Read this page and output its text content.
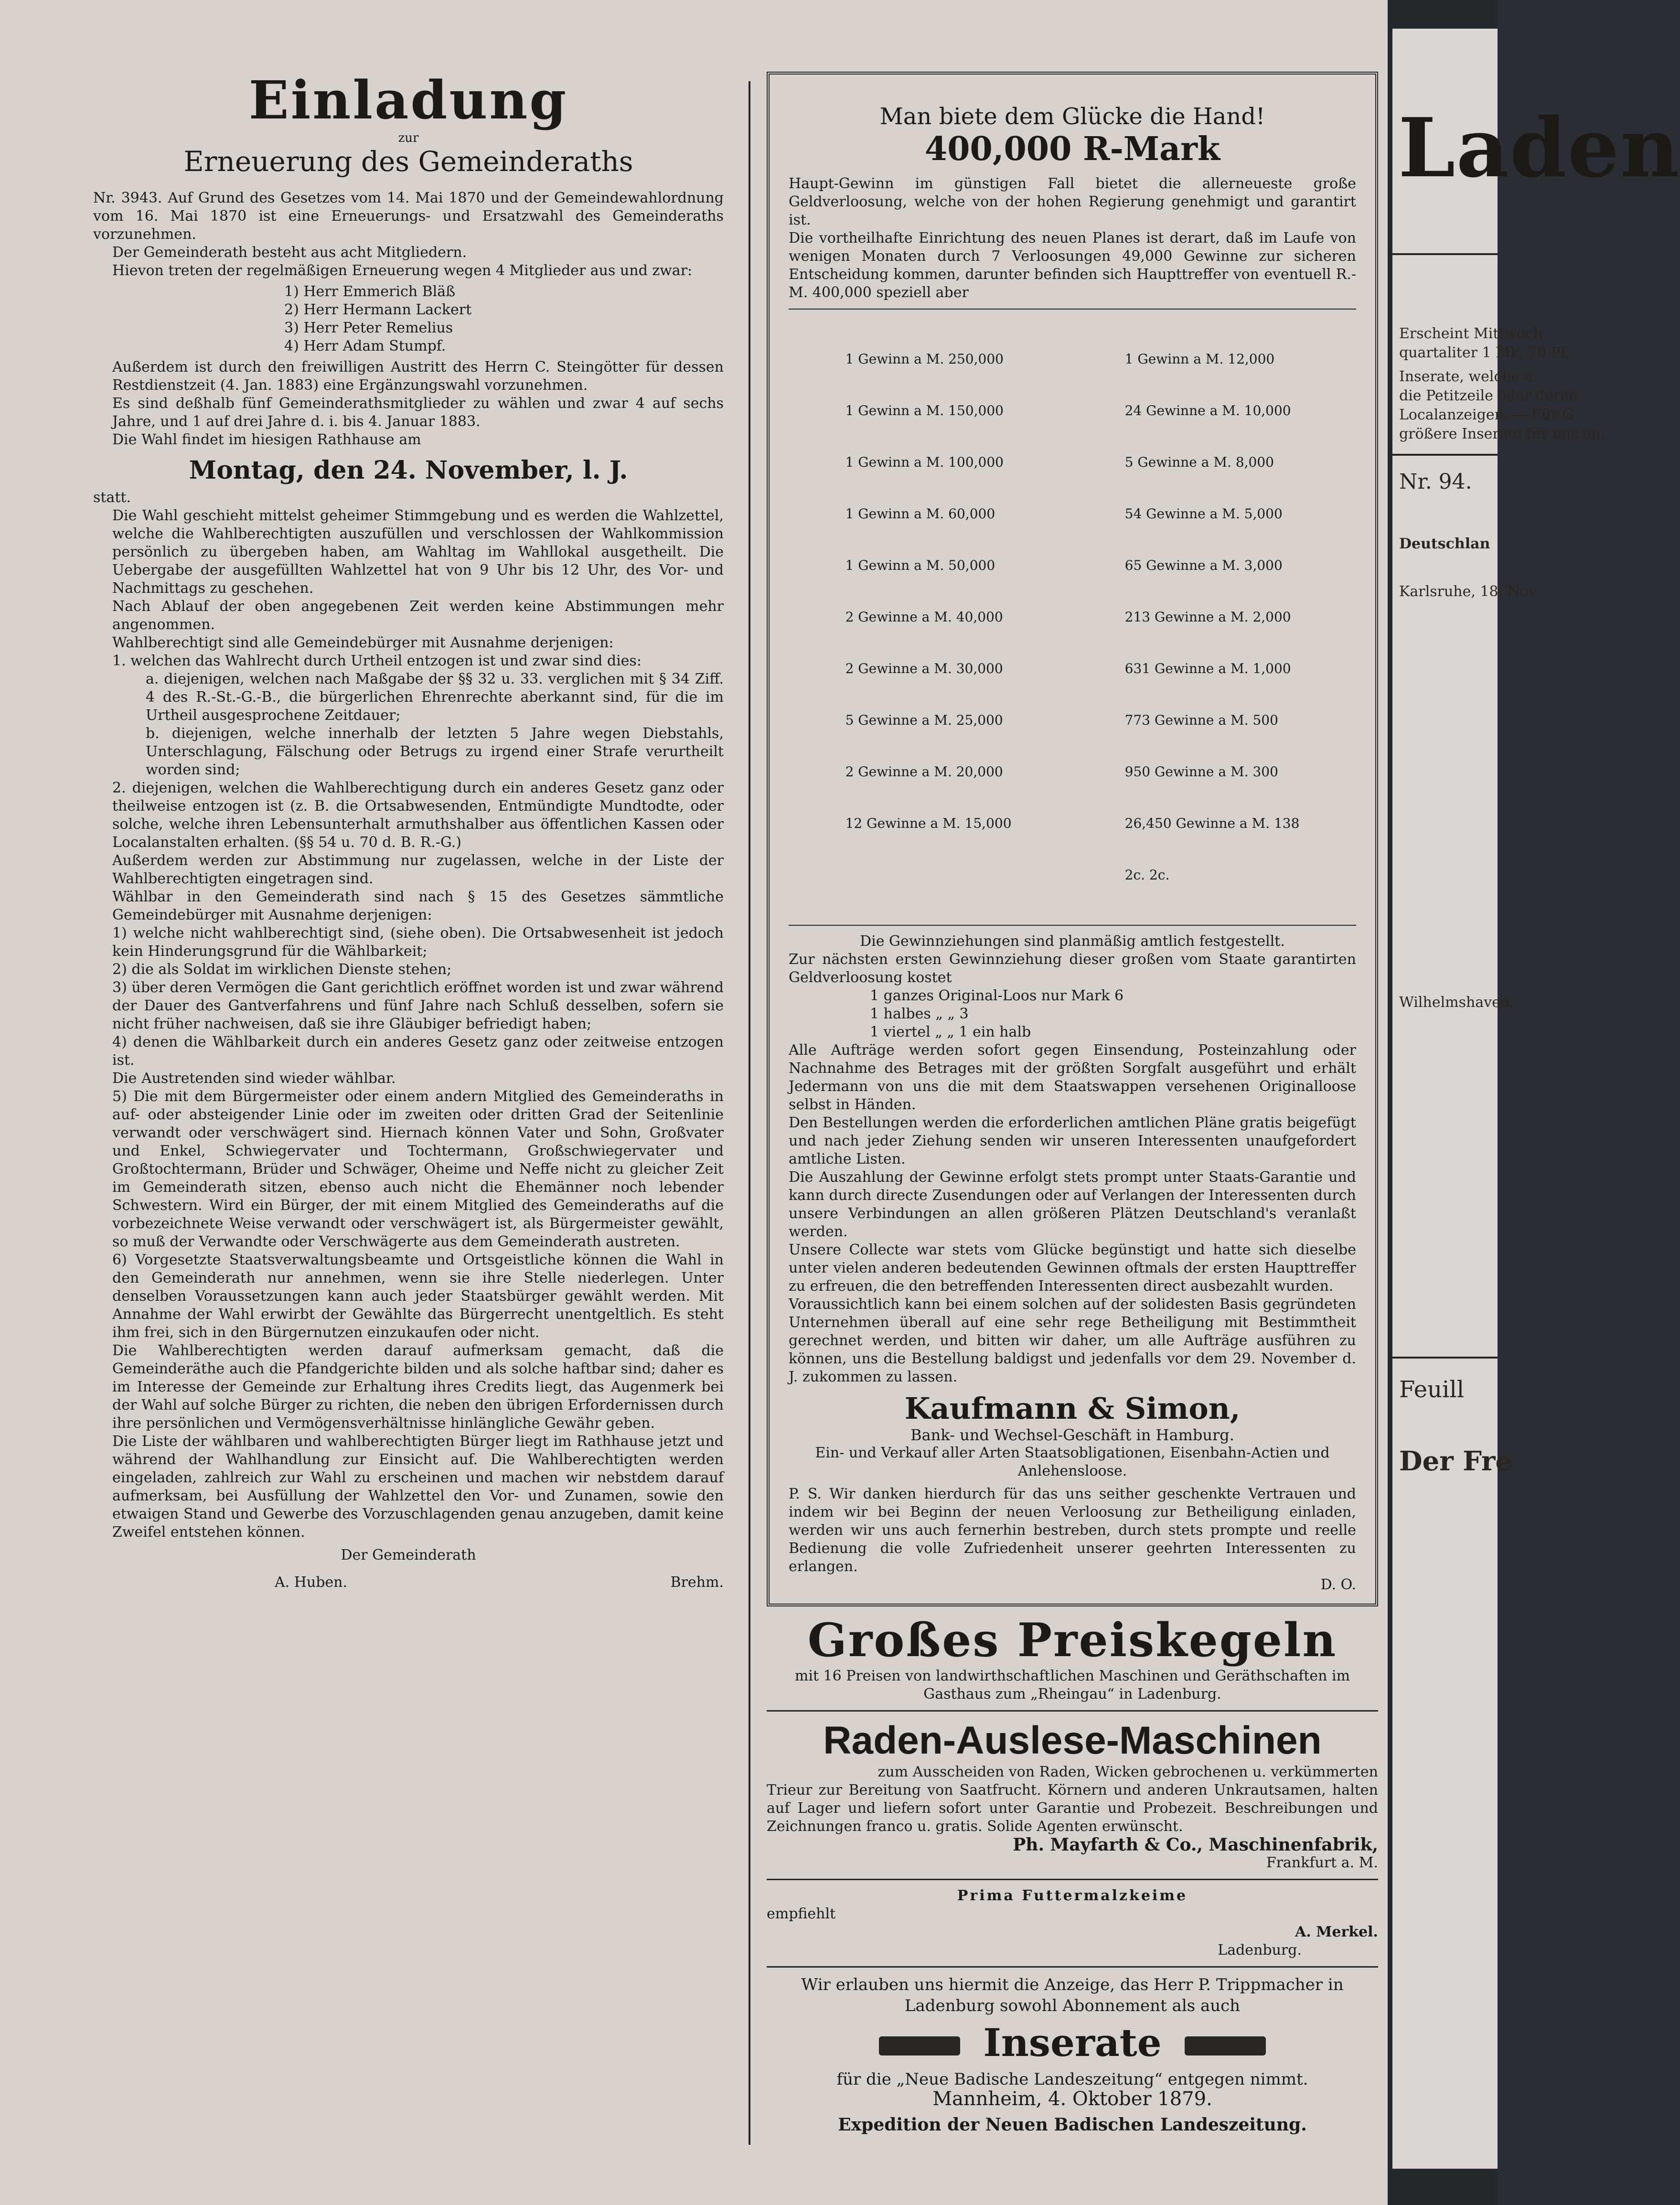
Einladung

zur

Erneuerung des Gemeinderaths

Nr. 3943. Auf Grund des Gesetzes vom 14. Mai 1870 und der Gemeindewahlordnung vom 16. Mai 1870 ist eine Erneuerungs- und Ersatzwahl des Gemeinderaths vorzunehmen.

Der Gemeinderath besteht aus acht Mitgliedern.

Hievon treten der regelmäßigen Erneuerung wegen 4 Mitglieder aus und zwar:

1) Herr Emmerich Bläß
2) Herr Hermann Lackert
3) Herr Peter Remelius
4) Herr Adam Stumpf.

Außerdem ist durch den freiwilligen Austritt des Herrn C. Steingötter für dessen Restdienstzeit (4. Jan. 1883) eine Ergänzungswahl vorzunehmen.

Es sind deßhalb fünf Gemeinderathsmitglieder zu wählen und zwar 4 auf sechs Jahre, und 1 auf drei Jahre d. i. bis 4. Januar 1883.

Die Wahl findet im hiesigen Rathhause am

Montag, den 24. November, l. J.

statt.

Die Wahl geschieht mittelst geheimer Stimmgebung und es werden die Wahlzettel, welche die Wahlberechtigten auszufüllen und verschlossen der Wahlkommission persönlich zu übergeben haben, am Wahltag im Wahllokal ausgetheilt. Die Uebergabe der ausgefüllten Wahlzettel hat von 9 Uhr bis 12 Uhr, des Vor- und Nachmittags zu geschehen.

Nach Ablauf der oben angegebenen Zeit werden keine Abstimmungen mehr angenommen.

Wahlberechtigt sind alle Gemeindebürger mit Ausnahme derjenigen:

1. welchen das Wahlrecht durch Urtheil entzogen ist und zwar sind dies:

a. diejenigen, welchen nach Maßgabe der §§ 32 u. 33. verglichen mit § 34 Ziff. 4 des R.-St.-G.-B., die bürgerlichen Ehrenrechte aberkannt sind, für die im Urtheil ausgesprochene Zeitdauer;

b. diejenigen, welche innerhalb der letzten 5 Jahre wegen Diebstahls, Unterschlagung, Fälschung oder Betrugs zu irgend einer Strafe verurtheilt worden sind;

2. diejenigen, welchen die Wahlberechtigung durch ein anderes Gesetz ganz oder theilweise entzogen ist (z. B. die Ortsabwesenden, Entmündigte Mundtodte, oder solche, welche ihren Lebensunterhalt armuthshalber aus öffentlichen Kassen oder Localanstalten erhalten. (§§ 54 u. 70 d. B. R.-G.)

Außerdem werden zur Abstimmung nur zugelassen, welche in der Liste der Wahlberechtigten eingetragen sind.

Wählbar in den Gemeinderath sind nach § 15 des Gesetzes sämmtliche Gemeindebürger mit Ausnahme derjenigen:

1) welche nicht wahlberechtigt sind, (siehe oben). Die Ortsabwesenheit ist jedoch kein Hinderungsgrund für die Wählbarkeit;

2) die als Soldat im wirklichen Dienste stehen;

3) über deren Vermögen die Gant gerichtlich eröffnet worden ist und zwar während der Dauer des Gantverfahrens und fünf Jahre nach Schluß desselben, sofern sie nicht früher nachweisen, daß sie ihre Gläubiger befriedigt haben;

4) denen die Wählbarkeit durch ein anderes Gesetz ganz oder zeitweise entzogen ist.

Die Austretenden sind wieder wählbar.

5) Die mit dem Bürgermeister oder einem andern Mitglied des Gemeinderaths in auf- oder absteigender Linie oder im zweiten oder dritten Grad der Seitenlinie verwandt oder verschwägert sind. Hiernach können Vater und Sohn, Großvater und Enkel, Schwiegervater und Tochtermann, Großschwiegervater und Großtochtermann, Brüder und Schwäger, Oheime und Neffe nicht zu gleicher Zeit im Gemeinderath sitzen, ebenso auch nicht die Ehemänner noch lebender Schwestern. Wird ein Bürger, der mit einem Mitglied des Gemeinderaths auf die vorbezeichnete Weise verwandt oder verschwägert ist, als Bürgermeister gewählt, so muß der Verwandte oder Verschwägerte aus dem Gemeinderath austreten.

6) Vorgesetzte Staatsverwaltungsbeamte und Ortsgeistliche können die Wahl in den Gemeinderath nur annehmen, wenn sie ihre Stelle niederlegen. Unter denselben Voraussetzungen kann auch jeder Staatsbürger gewählt werden. Mit Annahme der Wahl erwirbt der Gewählte das Bürgerrecht unentgeltlich. Es steht ihm frei, sich in den Bürgernutzen einzukaufen oder nicht.

Die Wahlberechtigten werden darauf aufmerksam gemacht, daß die Gemeinderäthe auch die Pfandgerichte bilden und als solche haftbar sind; daher es im Interesse der Gemeinde zur Erhaltung ihres Credits liegt, das Augenmerk bei der Wahl auf solche Bürger zu richten, die neben den übrigen Erfordernissen durch ihre persönlichen und Vermögensverhältnisse hinlängliche Gewähr geben.

Die Liste der wählbaren und wahlberechtigten Bürger liegt im Rathhause jetzt und während der Wahlhandlung zur Einsicht auf. Die Wahlberechtigten werden eingeladen, zahlreich zur Wahl zu erscheinen und machen wir nebstdem darauf aufmerksam, bei Ausfüllung der Wahlzettel den Vor- und Zunamen, sowie den etwaigen Stand und Gewerbe des Vorzuschlagenden genau anzugeben, damit keine Zweifel entstehen können.

Der Gemeinderath

A. Huben.	Brehm.

Man biete dem Glücke die Hand!

400,000 R-Mark

Haupt-Gewinn im günstigen Fall bietet die allerneueste große Geldverloosung, welche von der hohen Regierung genehmigt und garantirt ist.

Die vortheilhafte Einrichtung des neuen Planes ist derart, daß im Laufe von wenigen Monaten durch 7 Verloosungen 49,000 Gewinne zur sicheren Entscheidung kommen, darunter befinden sich Haupttreffer von eventuell R.-M. 400,000 speziell aber

1 Gewinn a M. 250,000

1 Gewinn a M. 150,000

1 Gewinn a M. 100,000

1 Gewinn a M. 60,000

1 Gewinn a M. 50,000

2 Gewinne a M. 40,000

2 Gewinne a M. 30,000

5 Gewinne a M. 25,000

2 Gewinne a M. 20,000

12 Gewinne a M. 15,000

1 Gewinn a M. 12,000

24 Gewinne a M. 10,000

5 Gewinne a M. 8,000

54 Gewinne a M. 5,000

65 Gewinne a M. 3,000

213 Gewinne a M. 2,000

631 Gewinne a M. 1,000

773 Gewinne a M. 500

950 Gewinne a M. 300

26,450 Gewinne a M. 138

2c. 2c.

Die Gewinnziehungen sind planmäßig amtlich festgestellt.

Zur nächsten ersten Gewinnziehung dieser großen vom Staate garantirten Geldverloosung kostet

1 ganzes Original-Loos nur Mark 6
1 halbes „ „ 3
1 viertel „ „ 1 ein halb

Alle Aufträge werden sofort gegen Einsendung, Posteinzahlung oder Nachnahme des Betrages mit der größten Sorgfalt ausgeführt und erhält Jedermann von uns die mit dem Staatswappen versehenen Originalloose selbst in Händen.

Den Bestellungen werden die erforderlichen amtlichen Pläne gratis beigefügt und nach jeder Ziehung senden wir unseren Interessenten unaufgefordert amtliche Listen.

Die Auszahlung der Gewinne erfolgt stets prompt unter Staats-Garantie und kann durch directe Zusendungen oder auf Verlangen der Interessenten durch unsere Verbindungen an allen größeren Plätzen Deutschland's veranlaßt werden.

Unsere Collecte war stets vom Glücke begünstigt und hatte sich dieselbe unter vielen anderen bedeutenden Gewinnen oftmals der ersten Haupttreffer zu erfreuen, die den betreffenden Interessenten direct ausbezahlt wurden.

Voraussichtlich kann bei einem solchen auf der solidesten Basis gegründeten Unternehmen überall auf eine sehr rege Betheiligung mit Bestimmtheit gerechnet werden, und bitten wir daher, um alle Aufträge ausführen zu können, uns die Bestellung baldigst und jedenfalls vor dem 29. November d. J. zukommen zu lassen.

Kaufmann & Simon,

Bank- und Wechsel-Geschäft in Hamburg.

Ein- und Verkauf aller Arten Staatsobligationen, Eisenbahn-Actien und Anlehensloose.

P. S. Wir danken hierdurch für das uns seither geschenkte Vertrauen und indem wir bei Beginn der neuen Verloosung zur Betheiligung einladen, werden wir uns auch fernerhin bestreben, durch stets prompte und reelle Bedienung die volle Zufriedenheit unserer geehrten Interessenten zu erlangen.

D. O.

Großes Preiskegeln

mit 16 Preisen von landwirthschaftlichen Maschinen und Geräthschaften im Gasthaus zum „Rheingau“ in Ladenburg.

Raden-Auslese-Maschinen

zum Ausscheiden von Raden, Wicken gebrochenen u. verkümmerten

Trieur zur Bereitung von Saatfrucht. Körnern und anderen Unkrautsamen, halten auf Lager und liefern sofort unter Garantie und Probezeit. Beschreibungen und Zeichnungen franco u. gratis. Solide Agenten erwünscht.

Ph. Mayfarth & Co., Maschinenfabrik,

Frankfurt a. M.

Prima Futtermalzkeime

empfiehlt

A. Merkel.

Ladenburg.

Wir erlauben uns hiermit die Anzeige, das Herr P. Trippmacher in Ladenburg sowohl Abonnement als auch

Inserate

für die „Neue Badische Landeszeitung“ entgegen nimmt.

Mannheim, 4. Oktober 1879.

Expedition der Neuen Badischen Landeszeitung.

Laden
Erscheint Mittwoch
quartaliter 1 Mk. 70 Pf.
Inserate, welche a
die Petitzeile oder deren
Localanzeigen. — Für G
größere Inserate für uns an.
Nr. 94.
Deutschlan
Karlsruhe, 18. Nov
Wilhelmshaven,
Feuill
Der Fre
